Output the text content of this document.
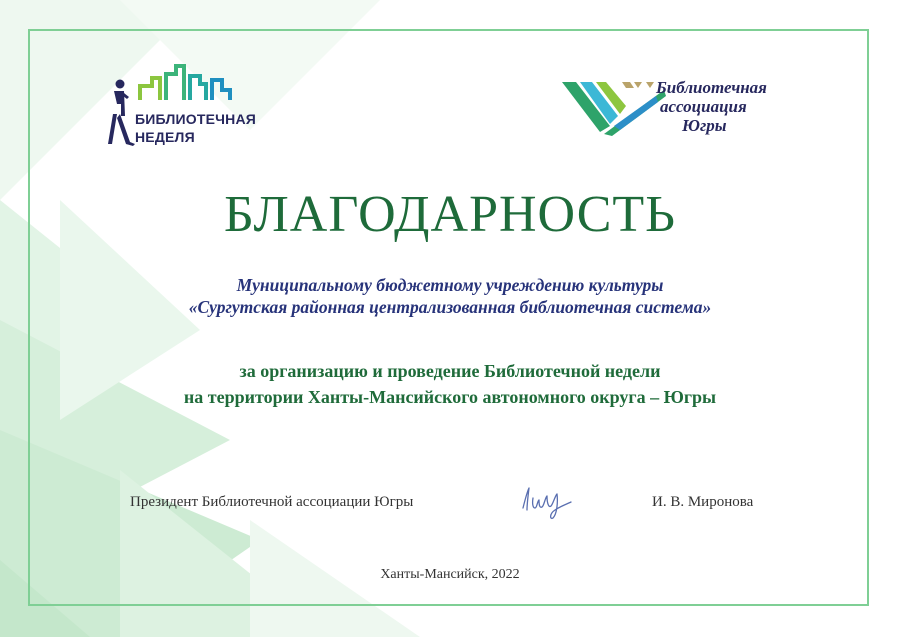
БИБЛИОТЕЧНАЯ
НЕДЕЛЯ
Библиотечная
ассоциация
Югры
БЛАГОДАРНОСТЬ
Муниципальному бюджетному учреждению культуры
«Сургутская районная централизованная библиотечная система»
за организацию и проведение Библиотечной недели
на территории Ханты-Мансийского автономного округа – Югры
Президент Библиотечной ассоциации Югры	И. В. Миронова
Ханты-Мансийск, 2022
